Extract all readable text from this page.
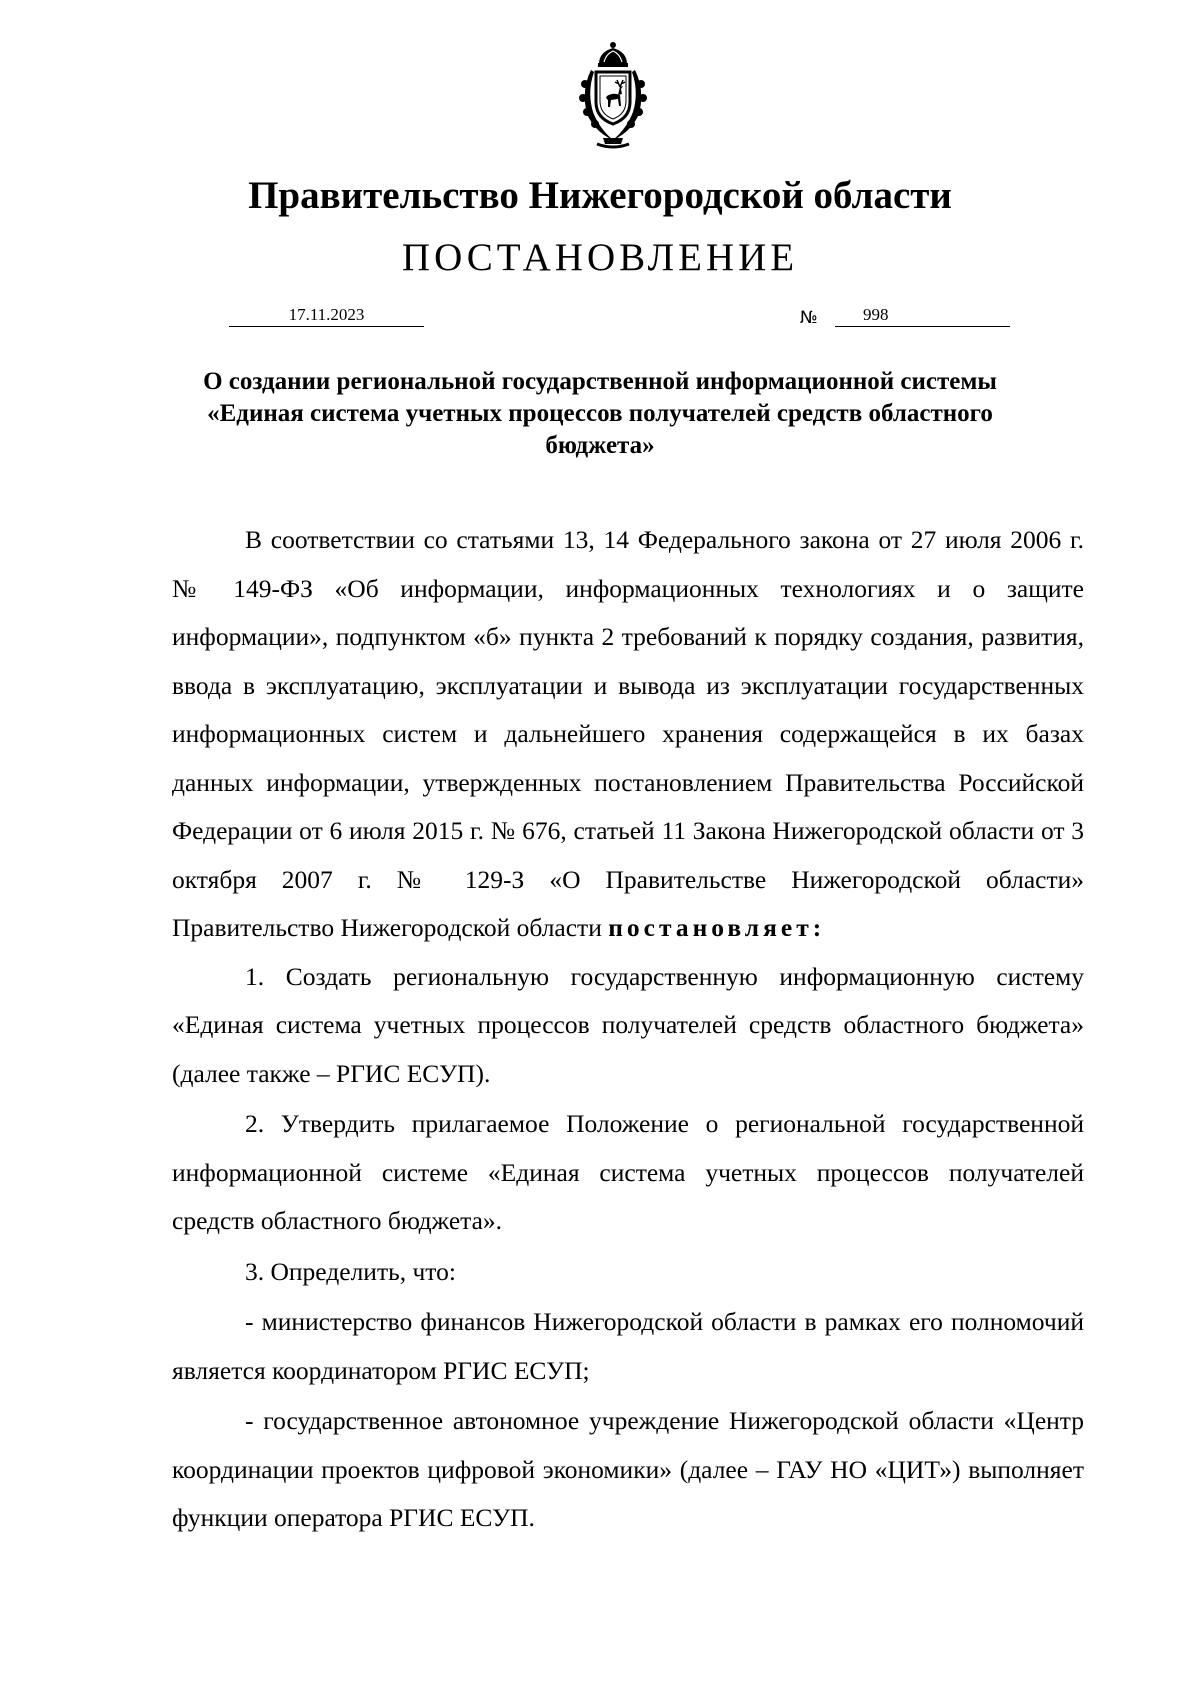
Правительство Нижегородской области
ПОСТАНОВЛЕНИЕ
17.11.2023	№	998
О создании региональной государственной информационной системы «Единая система учетных процессов получателей средств областного бюджета»

В соответствии со статьями 13, 14 Федерального закона от 27 июля 2006 г. № 149-ФЗ «Об информации, информационных технологиях и о защите информации», подпунктом «б» пункта 2 требований к порядку создания, развития, ввода в эксплуатацию, эксплуатации и вывода из эксплуатации государственных информационных систем и дальнейшего хранения содержащейся в их базах данных информации, утвержденных постановлением Правительства Российской Федерации от 6 июля 2015 г. № 676, статьей 11 Закона Нижегородской области от 3 октября 2007 г. № 129-З «О Правительстве Нижегородской области» Правительство Нижегородской области постановляет:

1. Создать региональную государственную информационную систему «Единая система учетных процессов получателей средств областного бюджета» (далее также – РГИС ЕСУП).

2. Утвердить прилагаемое Положение о региональной государственной информационной системе «Единая система учетных процессов получателей средств областного бюджета».

3. Определить, что:

- министерство финансов Нижегородской области в рамках его полномочий является координатором РГИС ЕСУП;

- государственное автономное учреждение Нижегородской области «Центр координации проектов цифровой экономики» (далее – ГАУ НО «ЦИТ») выполняет функции оператора РГИС ЕСУП.
